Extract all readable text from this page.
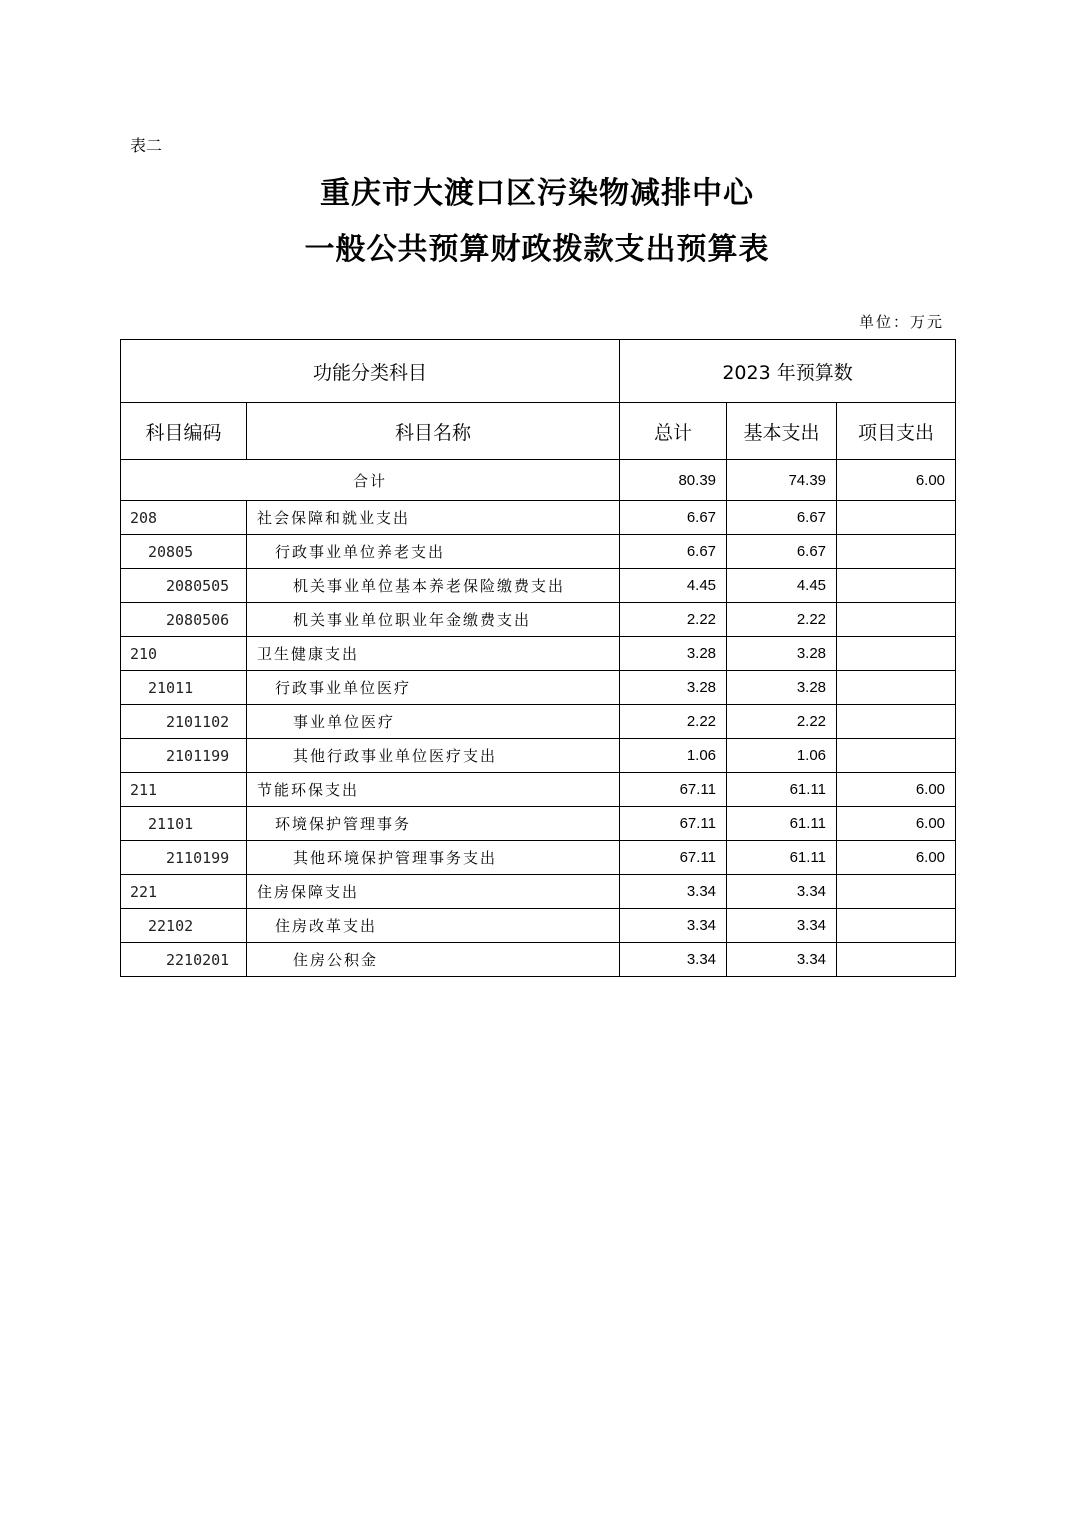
表二
重庆市大渡口区污染物减排中心
一般公共预算财政拨款支出预算表
单位：万元
功能分类科目		2023 年预算数		
科目编码	科目名称	总计	基本支出	项目支出
合计		80.39	74.39	6.00
208	社会保障和就业支出	6.67	6.67	
20805	行政事业单位养老支出	6.67	6.67	
2080505	机关事业单位基本养老保险缴费支出	4.45	4.45	
2080506	机关事业单位职业年金缴费支出	2.22	2.22	
210	卫生健康支出	3.28	3.28	
21011	行政事业单位医疗	3.28	3.28	
2101102	事业单位医疗	2.22	2.22	
2101199	其他行政事业单位医疗支出	1.06	1.06	
211	节能环保支出	67.11	61.11	6.00
21101	环境保护管理事务	67.11	61.11	6.00
2110199	其他环境保护管理事务支出	67.11	61.11	6.00
221	住房保障支出	3.34	3.34	
22102	住房改革支出	3.34	3.34	
2210201	住房公积金	3.34	3.34	
